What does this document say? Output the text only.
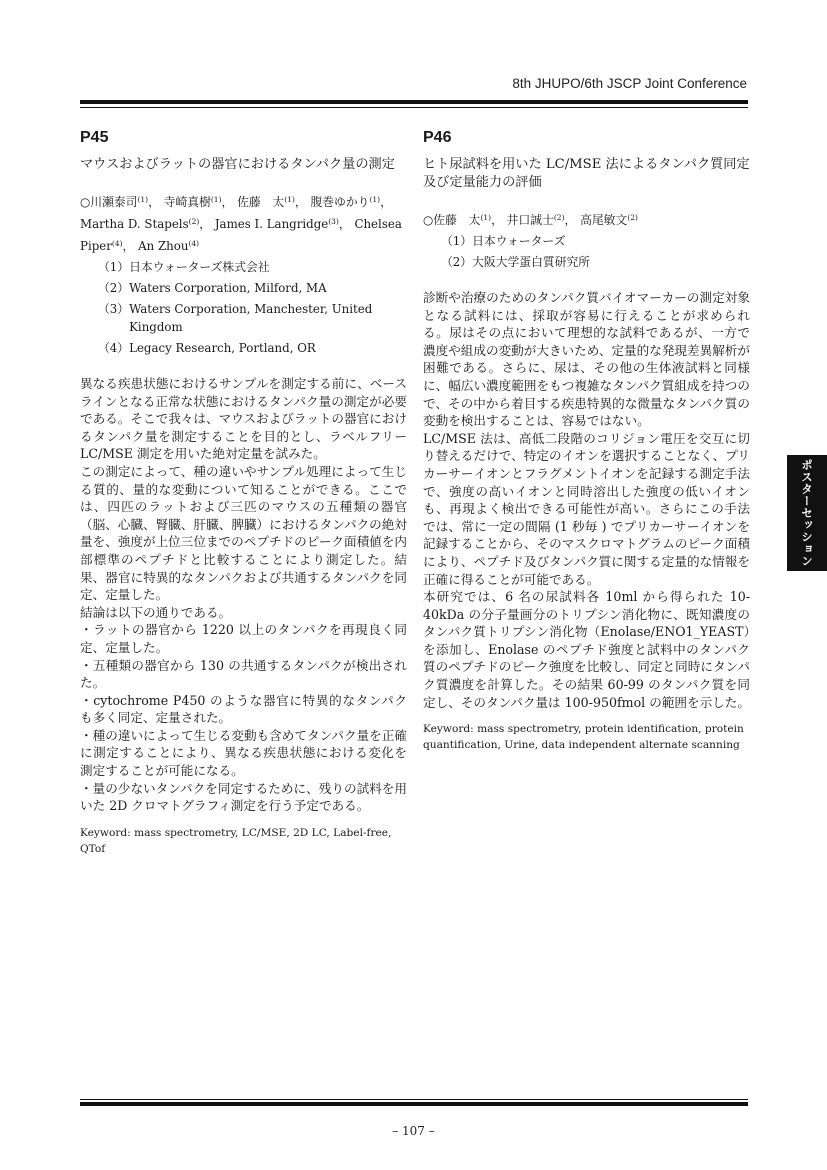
8th JHUPO/6th JSCP Joint Conference
ポスターセッション
P45
マウスおよびラットの器官におけるタンパク量の測定
○川瀬泰司$^{(1)}$， 寺崎真樹$^{(1)}$， 佐藤　太$^{(1)}$， 腹巻ゆかり$^{(1)}$， Martha D. Stapels$^{(2)}$， James I. Langridge$^{(3)}$， Chelsea Piper$^{(4)}$， An Zhou$^{(4)}$
（1） 日本ウォーターズ株式会社
（2） Waters Corporation, Milford, MA
（3） Waters Corporation, Manchester, United Kingdom
（4） Legacy Research, Portland, OR

異なる疾患状態におけるサンプルを測定する前に、ベースラインとなる正常な状態におけるタンパク量の測定が必要である。そこで我々は、マウスおよびラットの器官におけるタンパク量を測定することを目的とし、ラベルフリー LC/MSE 測定を用いた絶対定量を試みた。

この測定によって、種の違いやサンプル処理によって生じる質的、量的な変動について知ることができる。ここでは、四匹のラットおよび三匹のマウスの五種類の器官（脳、心臓、腎臓、肝臓、脾臓）におけるタンパクの絶対量を、強度が上位三位までのペプチドのピーク面積値を内部標準のペプチドと比較することにより測定した。結果、器官に特異的なタンパクおよび共通するタンパクを同定、定量した。

結論は以下の通りである。

・ラットの器官から 1220 以上のタンパクを再現良く同定、定量した。

・五種類の器官から 130 の共通するタンパクが検出された。

・cytochrome P450 のような器官に特異的なタンパクも多く同定、定量された。

・種の違いによって生じる変動も含めてタンパク量を正確に測定することにより、異なる疾患状態における変化を測定することが可能になる。

・量の少ないタンパクを同定するために、残りの試料を用いた 2D クロマトグラフィ測定を行う予定である。

Keyword: mass spectrometry, LC/MSE, 2D LC, Label-free, QTof
P46
ヒト尿試料を用いた LC/MSE 法によるタンパク質同定及び定量能力の評価
○佐藤　太$^{(1)}$， 井口誠士$^{(2)}$， 高尾敏文$^{(2)}$
（1） 日本ウォーターズ
（2） 大阪大学蛋白質研究所

診断や治療のためのタンパク質バイオマーカーの測定対象となる試料には、採取が容易に行えることが求められる。尿はその点において理想的な試料であるが、一方で濃度や組成の変動が大きいため、定量的な発現差異解析が困難である。さらに、尿は、その他の生体液試料と同様に、幅広い濃度範囲をもつ複雑なタンパク質組成を持つので、その中から着目する疾患特異的な微量なタンパク質の変動を検出することは、容易ではない。

LC/MSE 法は、高低二段階のコリジョン電圧を交互に切り替えるだけで、特定のイオンを選択することなく、プリカーサーイオンとフラグメントイオンを記録する測定手法で、強度の高いイオンと同時溶出した強度の低いイオンも、再現よく検出できる可能性が高い。さらにこの手法では、常に一定の間隔 (1 秒毎 ) でプリカーサーイオンを記録することから、そのマスクロマトグラムのピーク面積により、ペプチド及びタンパク質に関する定量的な情報を正確に得ることが可能である。

本研究では、6 名の尿試料各 10ml から得られた 10-40kDa の分子量画分のトリプシン消化物に、既知濃度のタンパク質トリプシン消化物（Enolase/ENO1_YEAST）を添加し、Enolase のペプチド強度と試料中のタンパク質のペプチドのピーク強度を比較し、同定と同時にタンパク質濃度を計算した。その結果 60-99 のタンパク質を同定し、そのタンパク量は 100-950fmol の範囲を示した。

Keyword: mass spectrometry, protein identification, protein quantification, Urine, data independent alternate scanning
– 107 –
